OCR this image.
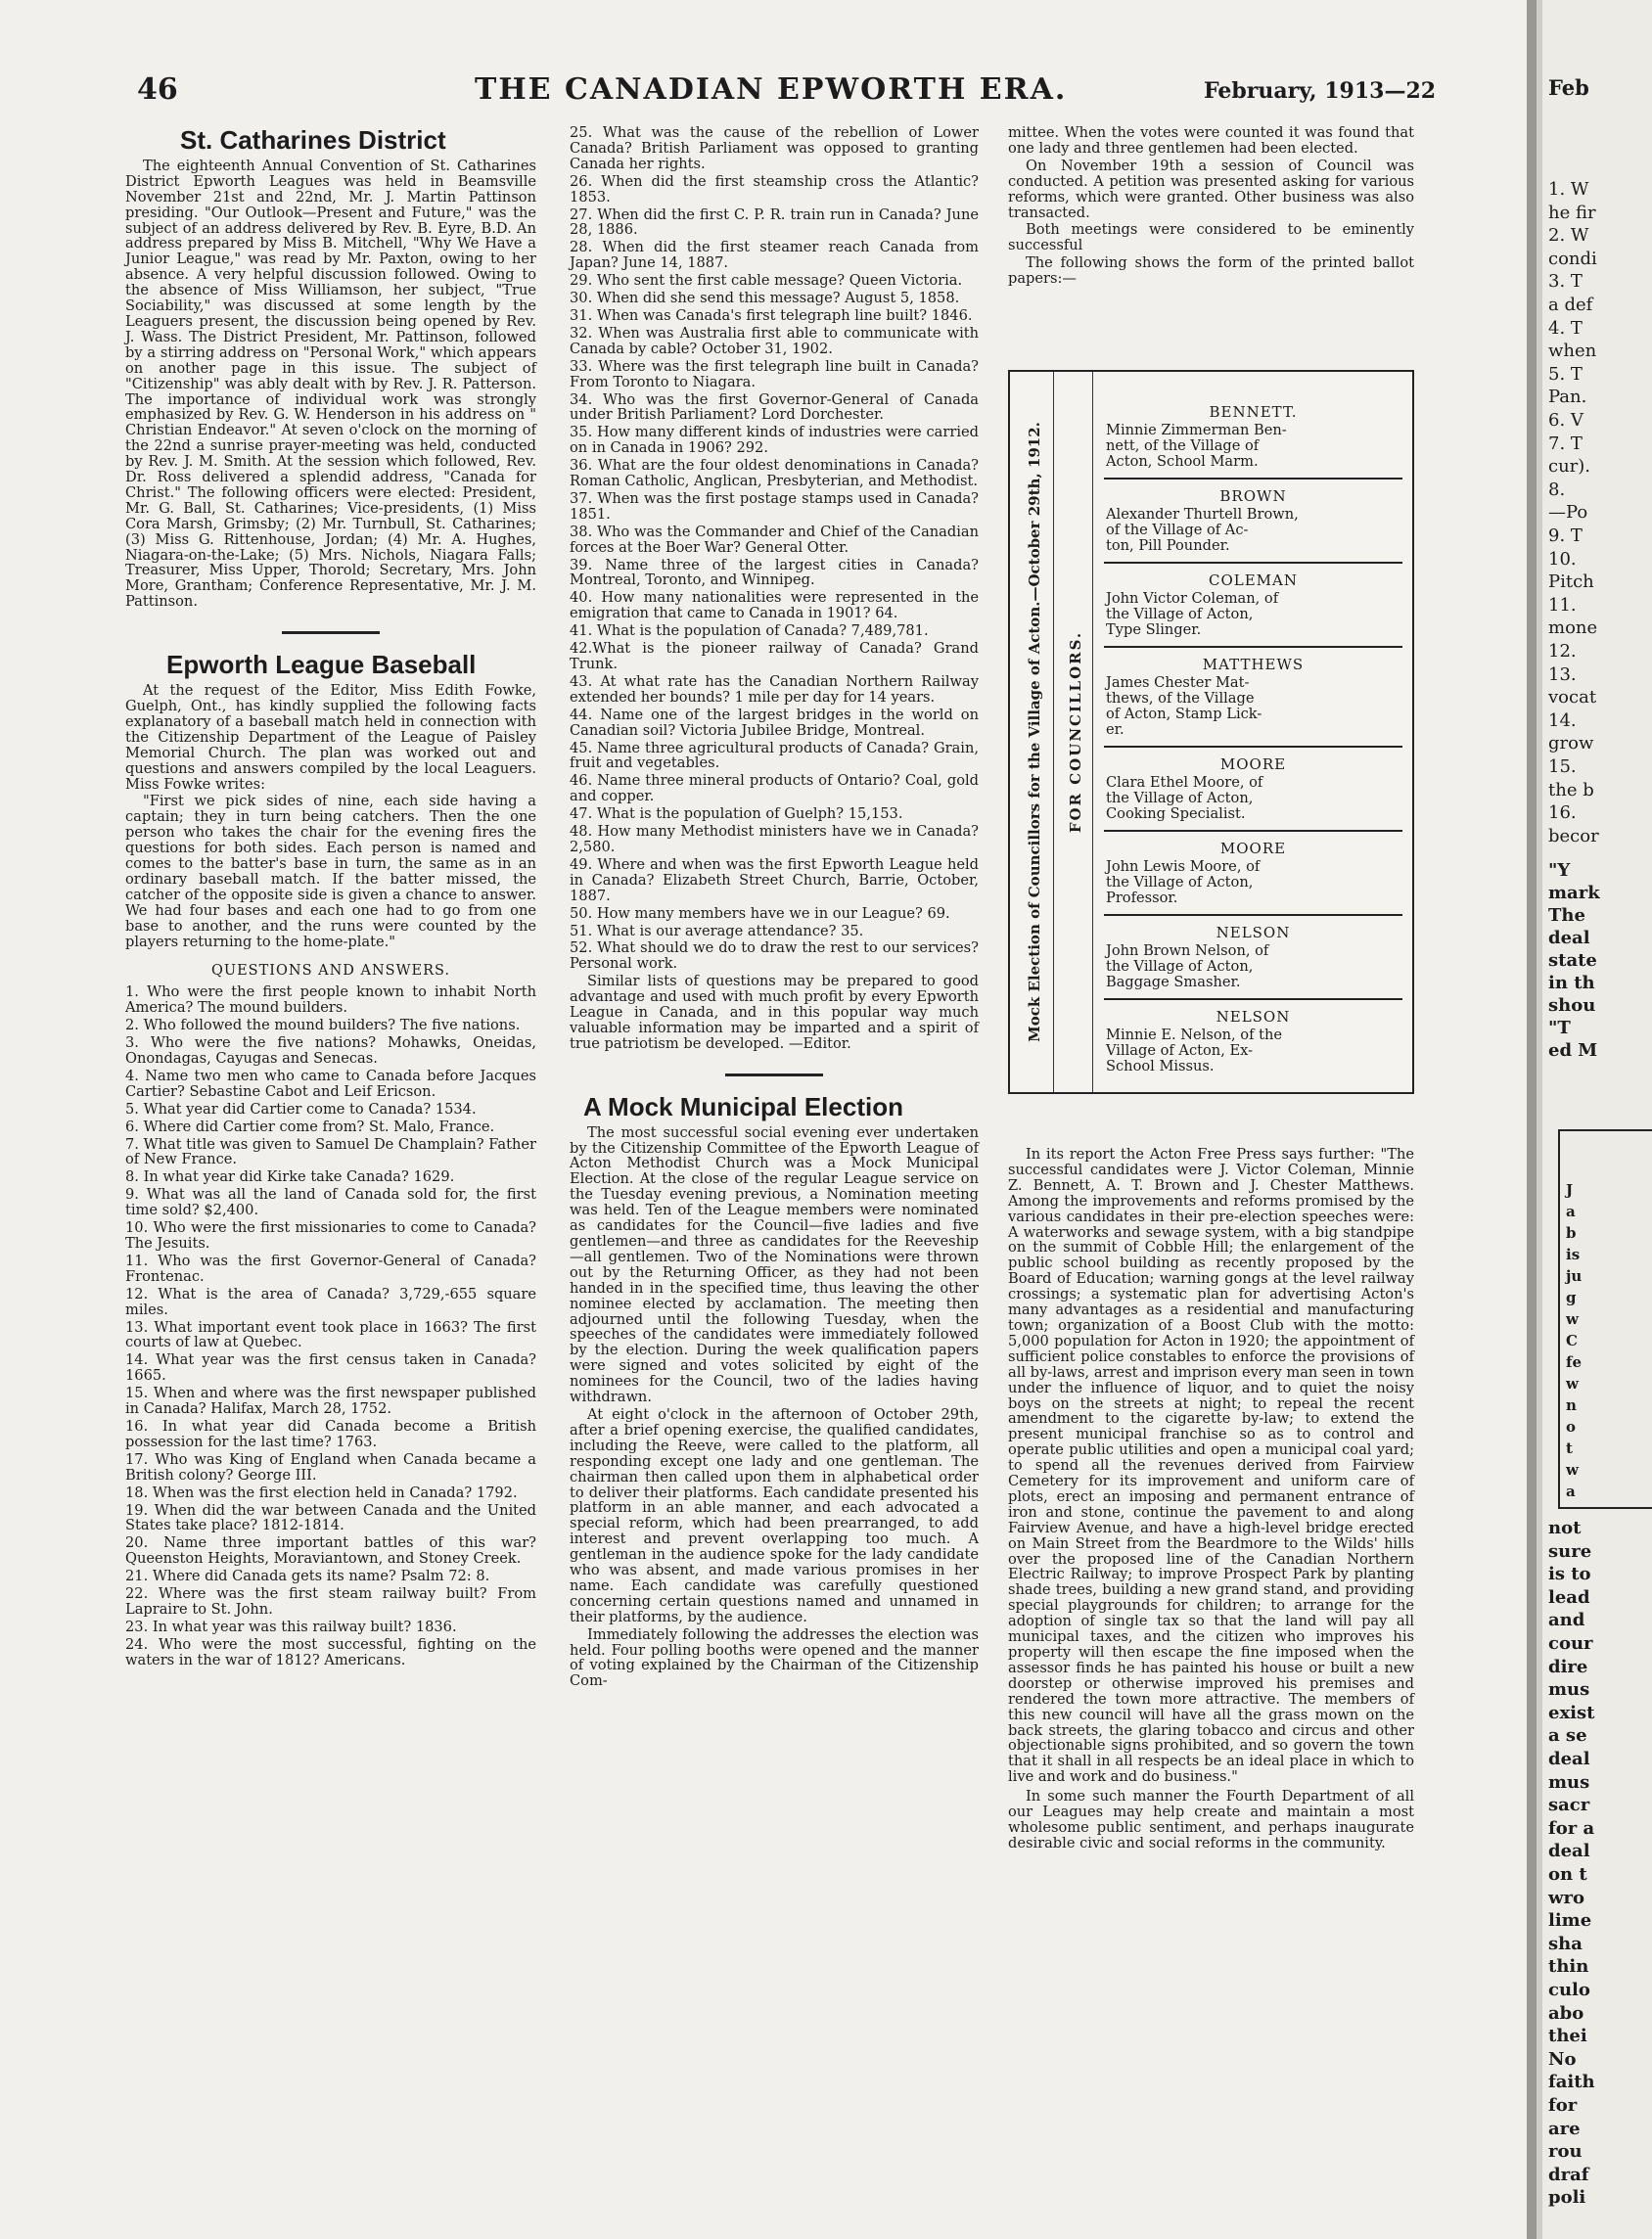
46	THE CANADIAN EPWORTH ERA.	February, 1913—22
St. Catharines District

The eighteenth Annual Convention of St. Catharines District Epworth Leagues was held in Beamsville November 21st and 22nd, Mr. J. Martin Pattinson presiding. "Our Outlook—Present and Future," was the subject of an address delivered by Rev. B. Eyre, B.D. An address prepared by Miss B. Mitchell, "Why We Have a Junior League," was read by Mr. Paxton, owing to her absence. A very helpful discussion followed. Owing to the absence of Miss Williamson, her subject, "True Sociability," was discussed at some length by the Leaguers present, the discussion being opened by Rev. J. Wass. The District President, Mr. Pattinson, followed by a stirring address on "Personal Work," which appears on another page in this issue. The subject of "Citizenship" was ably dealt with by Rev. J. R. Patterson. The importance of individual work was strongly emphasized by Rev. G. W. Henderson in his address on " Christian Endeavor." At seven o'clock on the morning of the 22nd a sunrise prayer-meeting was held, conducted by Rev. J. M. Smith. At the session which followed, Rev. Dr. Ross delivered a splendid address, "Canada for Christ." The following officers were elected: President, Mr. G. Ball, St. Catharines; Vice-presidents, (1) Miss Cora Marsh, Grimsby; (2) Mr. Turnbull, St. Catharines; (3) Miss G. Rittenhouse, Jordan; (4) Mr. A. Hughes, Niagara-on-the-Lake; (5) Mrs. Nichols, Niagara Falls; Treasurer, Miss Upper, Thorold; Secretary, Mrs. John More, Grantham; Conference Representative, Mr. J. M. Pattinson.

Epworth League Baseball

At the request of the Editor, Miss Edith Fowke, Guelph, Ont., has kindly supplied the following facts explanatory of a baseball match held in connection with the Citizenship Department of the League of Paisley Memorial Church. The plan was worked out and questions and answers compiled by the local Leaguers. Miss Fowke writes:

"First we pick sides of nine, each side having a captain; they in turn being catchers. Then the one person who takes the chair for the evening fires the questions for both sides. Each person is named and comes to the batter's base in turn, the same as in an ordinary baseball match. If the batter missed, the catcher of the opposite side is given a chance to answer. We had four bases and each one had to go from one base to another, and the runs were counted by the players returning to the home-plate."

QUESTIONS AND ANSWERS.

1. Who were the first people known to inhabit North America? The mound builders.

2. Who followed the mound builders? The five nations.

3. Who were the five nations? Mohawks, Oneidas, Onondagas, Cayugas and Senecas.

4. Name two men who came to Canada before Jacques Cartier? Sebastine Cabot and Leif Ericson.

5. What year did Cartier come to Canada? 1534.

6. Where did Cartier come from? St. Malo, France.

7. What title was given to Samuel De Champlain? Father of New France.

8. In what year did Kirke take Canada? 1629.

9. What was all the land of Canada sold for, the first time sold? $2,400.

10. Who were the first missionaries to come to Canada? The Jesuits.

11. Who was the first Governor-General of Canada? Frontenac.

12. What is the area of Canada? 3,729,-655 square miles.

13. What important event took place in 1663? The first courts of law at Quebec.

14. What year was the first census taken in Canada? 1665.

15. When and where was the first newspaper published in Canada? Halifax, March 28, 1752.

16. In what year did Canada become a British possession for the last time? 1763.

17. Who was King of England when Canada became a British colony? George III.

18. When was the first election held in Canada? 1792.

19. When did the war between Canada and the United States take place? 1812-1814.

20. Name three important battles of this war? Queenston Heights, Moraviantown, and Stoney Creek.

21. Where did Canada gets its name? Psalm 72: 8.

22. Where was the first steam railway built? From Lapraire to St. John.

23. In what year was this railway built? 1836.

24. Who were the most successful, fighting on the waters in the war of 1812? Americans.

25. What was the cause of the rebellion of Lower Canada? British Parliament was opposed to granting Canada her rights.

26. When did the first steamship cross the Atlantic? 1853.

27. When did the first C. P. R. train run in Canada? June 28, 1886.

28. When did the first steamer reach Canada from Japan? June 14, 1887.

29. Who sent the first cable message? Queen Victoria.

30. When did she send this message? August 5, 1858.

31. When was Canada's first telegraph line built? 1846.

32. When was Australia first able to communicate with Canada by cable? October 31, 1902.

33. Where was the first telegraph line built in Canada? From Toronto to Niagara.

34. Who was the first Governor-General of Canada under British Parliament? Lord Dorchester.

35. How many different kinds of industries were carried on in Canada in 1906? 292.

36. What are the four oldest denominations in Canada? Roman Catholic, Anglican, Presbyterian, and Methodist.

37. When was the first postage stamps used in Canada? 1851.

38. Who was the Commander and Chief of the Canadian forces at the Boer War? General Otter.

39. Name three of the largest cities in Canada? Montreal, Toronto, and Winnipeg.

40. How many nationalities were represented in the emigration that came to Canada in 1901? 64.

41. What is the population of Canada? 7,489,781.

42.What is the pioneer railway of Canada? Grand Trunk.

43. At what rate has the Canadian Northern Railway extended her bounds? 1 mile per day for 14 years.

44. Name one of the largest bridges in the world on Canadian soil? Victoria Jubilee Bridge, Montreal.

45. Name three agricultural products of Canada? Grain, fruit and vegetables.

46. Name three mineral products of Ontario? Coal, gold and copper.

47. What is the population of Guelph? 15,153.

48. How many Methodist ministers have we in Canada? 2,580.

49. Where and when was the first Epworth League held in Canada? Elizabeth Street Church, Barrie, October, 1887.

50. How many members have we in our League? 69.

51. What is our average attendance? 35.

52. What should we do to draw the rest to our services? Personal work.

Similar lists of questions may be prepared to good advantage and used with much profit by every Epworth League in Canada, and in this popular way much valuable information may be imparted and a spirit of true patriotism be developed. —Editor.

A Mock Municipal Election

The most successful social evening ever undertaken by the Citizenship Committee of the Epworth League of Acton Methodist Church was a Mock Municipal Election. At the close of the regular League service on the Tuesday evening previous, a Nomination meeting was held. Ten of the League members were nominated as candidates for the Council—five ladies and five gentlemen—and three as candidates for the Reeveship—all gentlemen. Two of the Nominations were thrown out by the Returning Officer, as they had not been handed in in the specified time, thus leaving the other nominee elected by acclamation. The meeting then adjourned until the following Tuesday, when the speeches of the candidates were immediately followed by the election. During the week qualification papers were signed and votes solicited by eight of the nominees for the Council, two of the ladies having withdrawn.

At eight o'clock in the afternoon of October 29th, after a brief opening exercise, the qualified candidates, including the Reeve, were called to the platform, all responding except one lady and one gentleman. The chairman then called upon them in alphabetical order to deliver their platforms. Each candidate presented his platform in an able manner, and each advocated a special reform, which had been prearranged, to add interest and prevent overlapping too much. A gentleman in the audience spoke for the lady candidate who was absent, and made various promises in her name. Each candidate was carefully questioned concerning certain questions named and unnamed in their platforms, by the audience.

Immediately following the addresses the election was held. Four polling booths were opened and the manner of voting explained by the Chairman of the Citizenship Com-

mittee. When the votes were counted it was found that one lady and three gentlemen had been elected.

On November 19th a session of Council was conducted. A petition was presented asking for various reforms, which were granted. Other business was also transacted.

Both meetings were considered to be eminently successful

The following shows the form of the printed ballot papers:—

Mock Election of Councillors for the Village of Acton.—October 29th, 1912. FOR COUNCILLORS.
BENNETT.
Minnie Zimmerman Ben-
nett, of the Village of
Acton, School Marm.
BROWN
Alexander Thurtell Brown,
of the Village of Ac-
ton, Pill Pounder.
COLEMAN
John Victor Coleman, of
the Village of Acton,
Type Slinger.
MATTHEWS
James Chester Mat-
thews, of the Village
of Acton, Stamp Lick-
er.
MOORE
Clara Ethel Moore, of
the Village of Acton,
Cooking Specialist.
MOORE
John Lewis Moore, of
the Village of Acton,
Professor.
NELSON
John Brown Nelson, of
the Village of Acton,
Baggage Smasher.
NELSON
Minnie E. Nelson, of the
Village of Acton, Ex-
School Missus.

In its report the Acton Free Press says further: "The successful candidates were J. Victor Coleman, Minnie Z. Bennett, A. T. Brown and J. Chester Matthews. Among the improvements and reforms promised by the various candidates in their pre-election speeches were: A waterworks and sewage system, with a big standpipe on the summit of Cobble Hill; the enlargement of the public school building as recently proposed by the Board of Education; warning gongs at the level railway crossings; a systematic plan for advertising Acton's many advantages as a residential and manufacturing town; organization of a Boost Club with the motto: 5,000 population for Acton in 1920; the appointment of sufficient police constables to enforce the provisions of all by-laws, arrest and imprison every man seen in town under the influence of liquor, and to quiet the noisy boys on the streets at night; to repeal the recent amendment to the cigarette by-law; to extend the present municipal franchise so as to control and operate public utilities and open a municipal coal yard; to spend all the revenues derived from Fairview Cemetery for its improvement and uniform care of plots, erect an imposing and permanent entrance of iron and stone, continue the pavement to and along Fairview Avenue, and have a high-level bridge erected on Main Street from the Beardmore to the Wilds' hills over the proposed line of the Canadian Northern Electric Railway; to improve Prospect Park by planting shade trees, building a new grand stand, and providing special playgrounds for children; to arrange for the adoption of single tax so that the land will pay all municipal taxes, and the citizen who improves his property will then escape the fine imposed when the assessor finds he has painted his house or built a new doorstep or otherwise improved his premises and rendered the town more attractive. The members of this new council will have all the grass mown on the back streets, the glaring tobacco and circus and other objectionable signs prohibited, and so govern the town that it shall in all respects be an ideal place in which to live and work and do business."

In some such manner the Fourth Department of all our Leagues may help create and maintain a most wholesome public sentiment, and perhaps inaugurate desirable civic and social reforms in the community.

Feb
1. W
he fir
2. W
condi
3. T
a def
4. T
when
5. T
Pan.
6. V
7. T
cur).
8.
—Po
9. T
10.
Pitch
11.
mone
12.
13.
vocat
14.
grow
15.
the b
16.
becor
"Y
mark
The
deal
state
in th
shou
"T
ed M
J
a
b
is
ju
g
w
C
fe
w
n
o
t
w
a
not
sure
is to
lead
and
cour
dire
mus
exist
a se
deal
mus
sacr
for a
deal
on t
wro
lime
sha
thin
culo
abo
thei
No
faith
for
are
rou
draf
poli
